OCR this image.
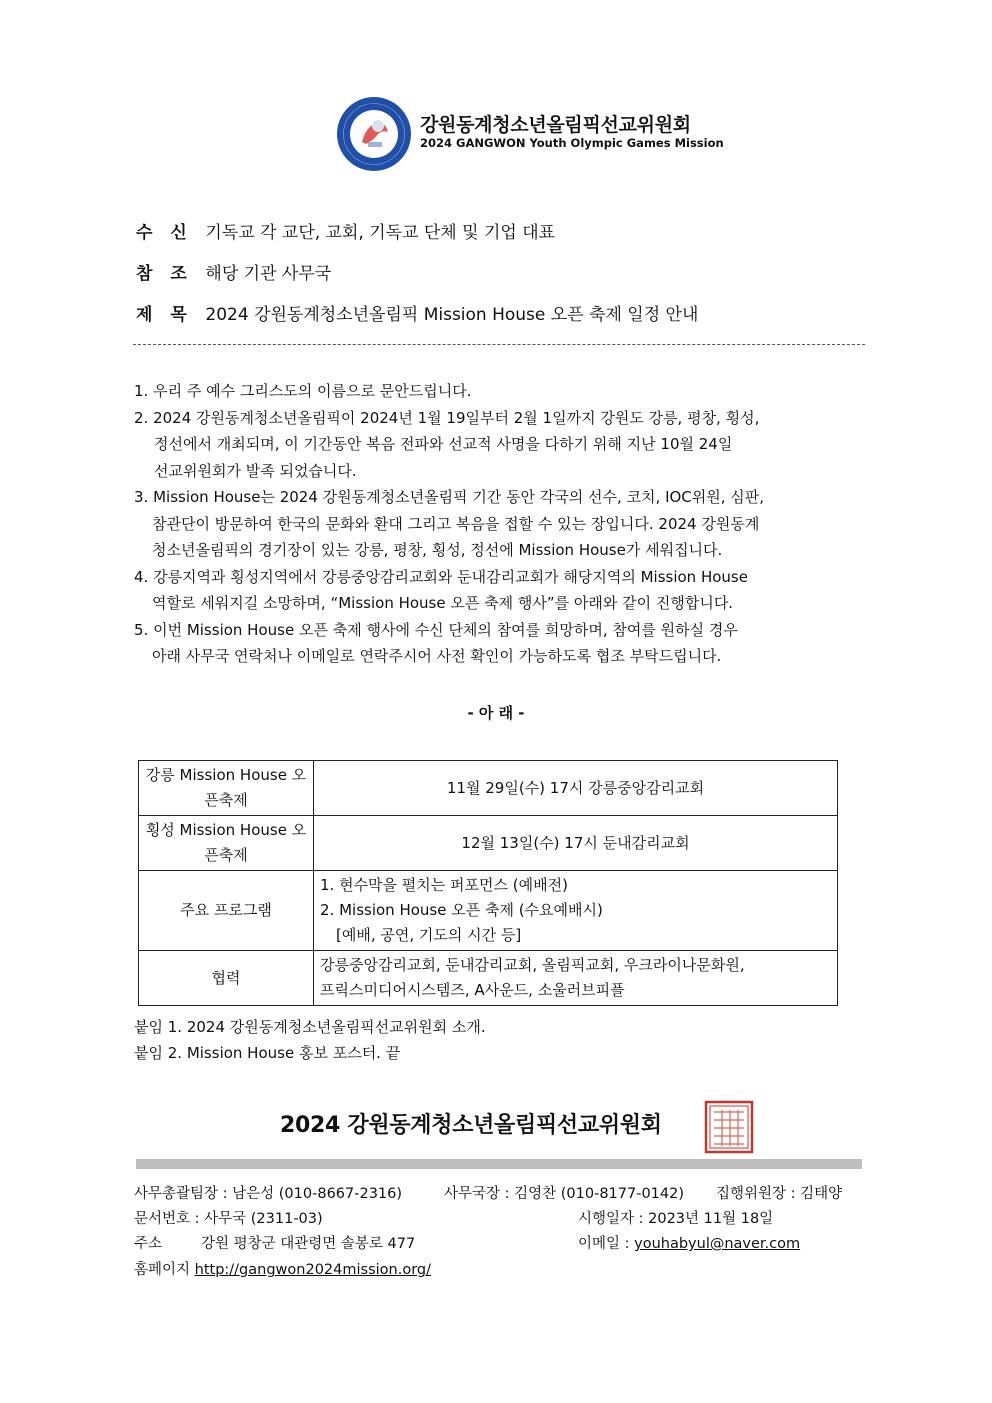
강원동계청소년올림픽선교위원회
2024 GANGWON Youth Olympic Games Mission
수 신 기독교 각 교단, 교회, 기독교 단체 및 기업 대표
참 조 해당 기관 사무국
제 목 2024 강원동계청소년올림픽 Mission House 오픈 축제 일정 안내

1. 우리 주 예수 그리스도의 이름으로 문안드립니다.

2. 2024 강원동계청소년올림픽이 2024년 1월 19일부터 2월 1일까지 강원도 강릉, 평창, 횡성,

정선에서 개최되며, 이 기간동안 복음 전파와 선교적 사명을 다하기 위해 지난 10월 24일

선교위원회가 발족 되었습니다.

3. Mission House는 2024 강원동계청소년올림픽 기간 동안 각국의 선수, 코치, IOC위원, 심판,

참관단이 방문하여 한국의 문화와 환대 그리고 복음을 접할 수 있는 장입니다. 2024 강원동계

청소년올림픽의 경기장이 있는 강릉, 평창, 횡성, 정선에 Mission House가 세워집니다.

4. 강릉지역과 횡성지역에서 강릉중앙감리교회와 둔내감리교회가 해당지역의 Mission House

역할로 세워지길 소망하며, “Mission House 오픈 축제 행사”를 아래와 같이 진행합니다.

5. 이번 Mission House 오픈 축제 행사에 수신 단체의 참여를 희망하며, 참여를 원하실 경우

아래 사무국 연락처나 이메일로 연락주시어 사전 확인이 가능하도록 협조 부탁드립니다.

- 아 래 -
강릉 Mission House 오픈축제	11월 29일(수) 17시 강릉중앙감리교회
횡성 Mission House 오픈축제	12월 13일(수) 17시 둔내감리교회
주요 프로그램	1. 현수막을 펼치는 퍼포먼스 (예배전)
2. Mission House 오픈 축제 (수요예배시)
[예배, 공연, 기도의 시간 등]

협력	강릉중앙감리교회, 둔내감리교회, 올림픽교회, 우크라이나문화원,
프릭스미디어시스템즈, A사운드, 소울러브피플
붙임 1. 2024 강원동계청소년올림픽선교위원회 소개.
붙임 2. Mission House 홍보 포스터. 끝
2024 강원동계청소년올림픽선교위원회
사무총괄팀장 : 남은성 (010-8667-2316)	사무국장 : 김영찬 (010-8177-0142) 집행위원장 : 김태양
문서번호 : 사무국 (2311-03)	시행일자 : 2023년 11월 18일
주소	강원 평창군 대관령면 솔봉로 477	이메일 : youhabyul@naver.com
홈페이지 http://gangwon2024mission.org/
